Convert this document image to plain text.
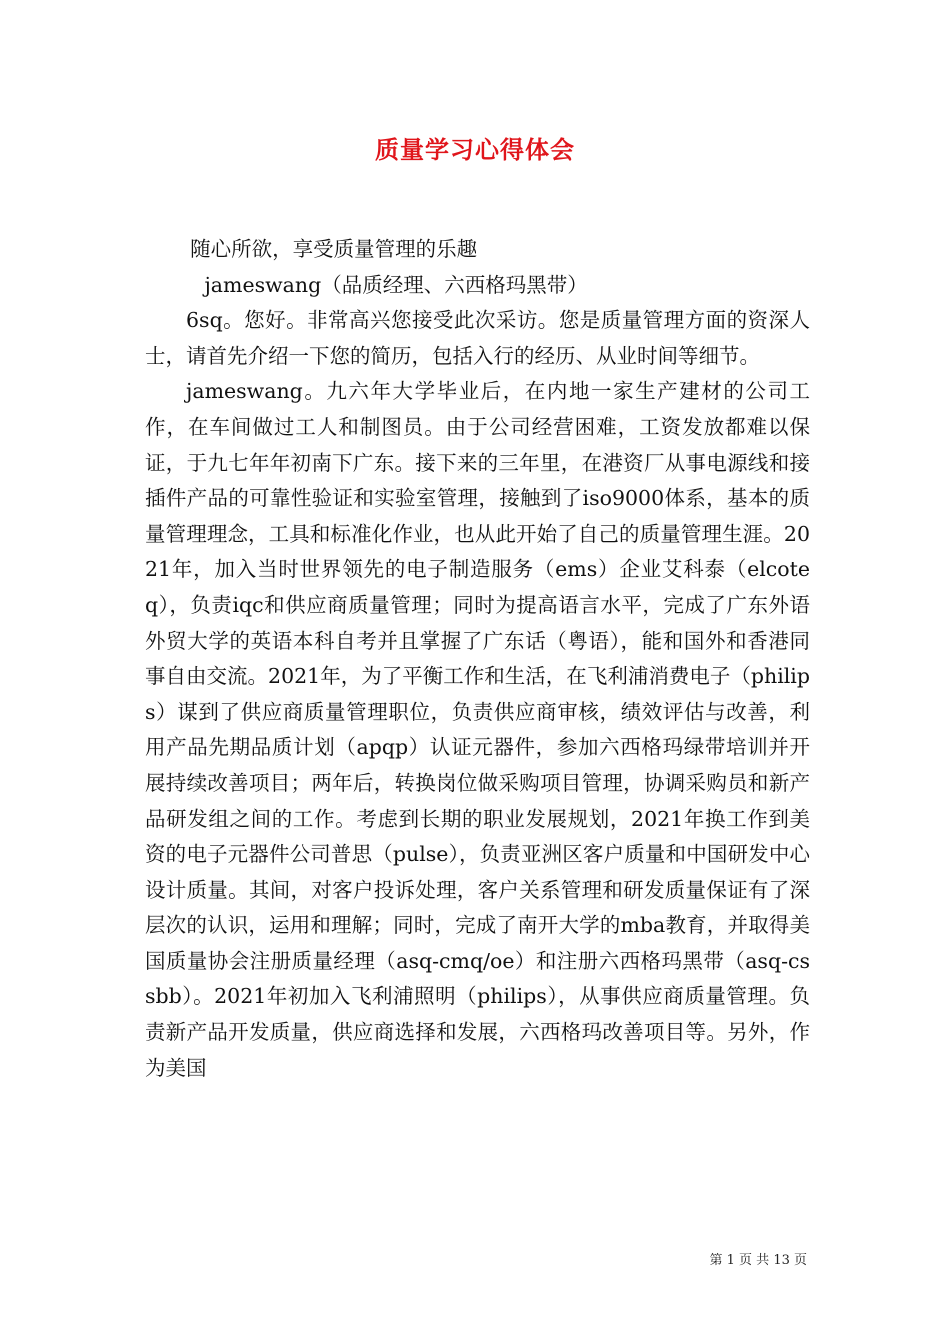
质量学习心得体会

随心所欲，享受质量管理的乐趣

jameswang（品质经理、六西格玛黑带）

6sq。您好。非常高兴您接受此次采访。您是质量管理方面的资深人士，请首先介绍一下您的简历，包括入行的经历、从业时间等细节。

jameswang。九六年大学毕业后，在内地一家生产建材的公司工作，在车间做过工人和制图员。由于公司经营困难，工资发放都难以保证，于九七年年初南下广东。接下来的三年里，在港资厂从事电源线和接插件产品的可靠性验证和实验室管理，接触到了iso9000体系，基本的质量管理理念，工具和标准化作业，也从此开始了自己的质量管理生涯。2021年，加入当时世界领先的电子制造服务（ems）企业艾科泰（elcoteq），负责iqc和供应商质量管理；同时为提高语言水平，完成了广东外语外贸大学的英语本科自考并且掌握了广东话（粤语），能和国外和香港同事自由交流。2021年，为了平衡工作和生活，在飞利浦消费电子（philips）谋到了供应商质量管理职位，负责供应商审核，绩效评估与改善，利用产品先期品质计划（apqp）认证元器件，参加六西格玛绿带培训并开展持续改善项目；两年后，转换岗位做采购项目管理，协调采购员和新产品研发组之间的工作。考虑到长期的职业发展规划，2021年换工作到美资的电子元器件公司普思（pulse），负责亚洲区客户质量和中国研发中心设计质量。其间，对客户投诉处理，客户关系管理和研发质量保证有了深层次的认识，运用和理解；同时，完成了南开大学的mba教育，并取得美国质量协会注册质量经理（asq-cmq/oe）和注册六西格玛黑带（asq-cssbb）。2021年初加入飞利浦照明（philips），从事供应商质量管理。负责新产品开发质量，供应商选择和发展，六西格玛改善项目等。另外，作为美国

第 1 页 共 13 页
